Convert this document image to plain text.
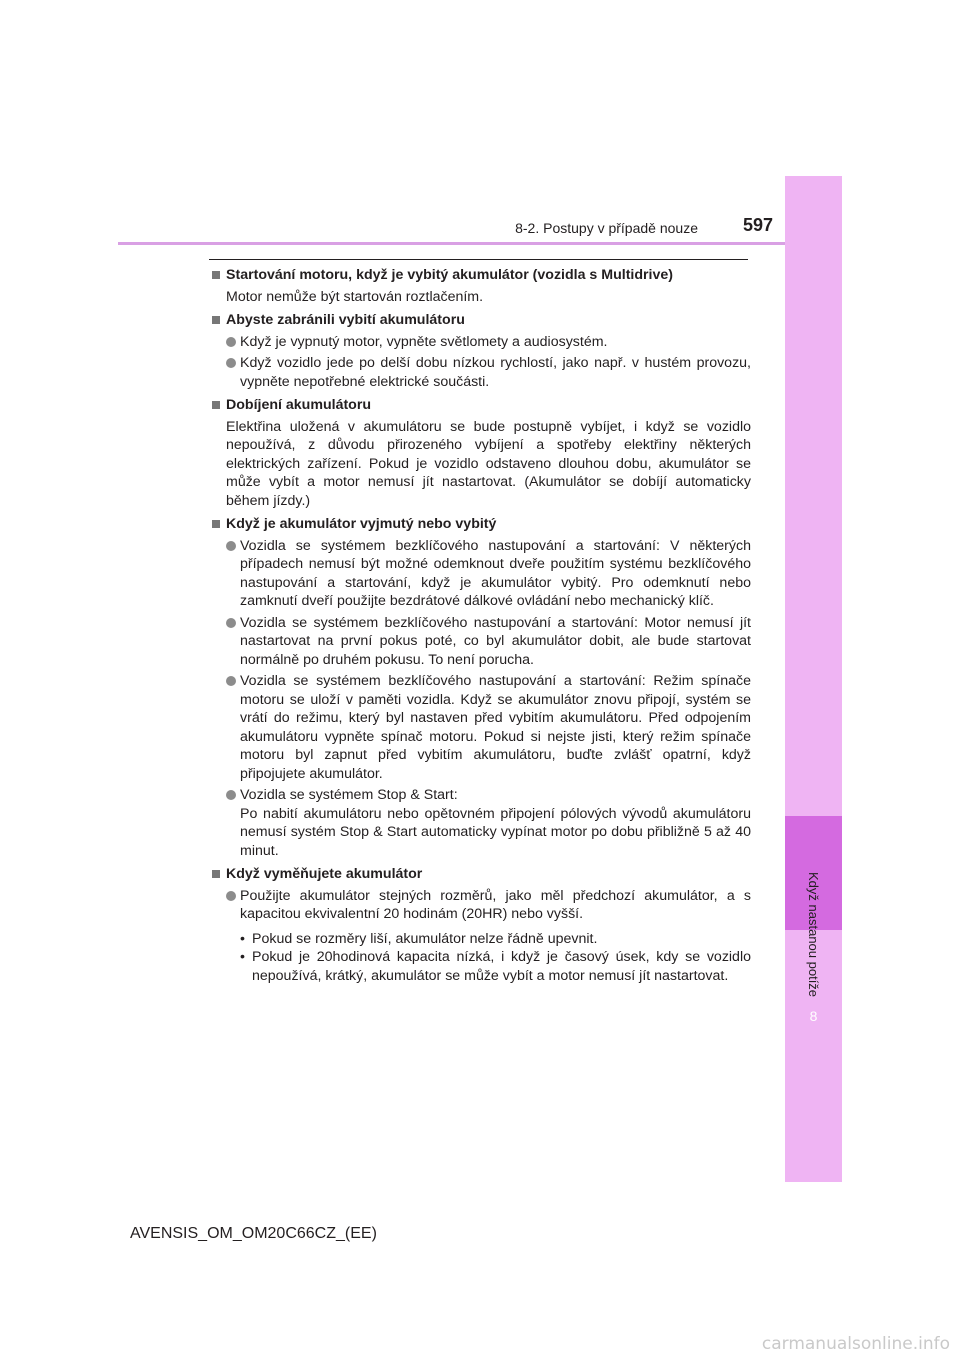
8
Když nastanou potíže
8-2. Postupy v případě nouze 597
Startování motoru, když je vybitý akumulátor (vozidla s Multidrive)
Motor nemůže být startován roztlačením.
Abyste zabránili vybití akumulátoru
Když je vypnutý motor, vypněte světlomety a audiosystém.
Když vozidlo jede po delší dobu nízkou rychlostí, jako např. v hustém provozu, vypněte nepotřebné elektrické součásti.
Dobíjení akumulátoru
Elektřina uložená v akumulátoru se bude postupně vybíjet, i když se vozidlo nepoužívá, z důvodu přirozeného vybíjení a spotřeby elektřiny některých elektrických zařízení. Pokud je vozidlo odstaveno dlouhou dobu, akumulátor se může vybít a motor nemusí jít nastartovat. (Akumulátor se dobíjí automaticky během jízdy.)
Když je akumulátor vyjmutý nebo vybitý
Vozidla se systémem bezklíčového nastupování a startování: V některých případech nemusí být možné odemknout dveře použitím systému bezklíčového nastupování a startování, když je akumulátor vybitý. Pro odemknutí nebo zamknutí dveří použijte bezdrátové dálkové ovládání nebo mechanický klíč.
Vozidla se systémem bezklíčového nastupování a startování: Motor nemusí jít nastartovat na první pokus poté, co byl akumulátor dobit, ale bude startovat normálně po druhém pokusu. To není porucha.
Vozidla se systémem bezklíčového nastupování a startování: Režim spínače motoru se uloží v paměti vozidla. Když se akumulátor znovu připojí, systém se vrátí do režimu, který byl nastaven před vybitím akumulátoru. Před odpojením akumulátoru vypněte spínač motoru. Pokud si nejste jisti, který režim spínače motoru byl zapnut před vybitím akumulátoru, buďte zvlášť opatrní, když připojujete akumulátor.
Vozidla se systémem Stop & Start:
Po nabití akumulátoru nebo opětovném připojení pólových vývodů akumulátoru nemusí systém Stop & Start automaticky vypínat motor po dobu přibližně 5 až 40 minut.
Když vyměňujete akumulátor
Použijte akumulátor stejných rozměrů, jako měl předchozí akumulátor, a s kapacitou ekvivalentní 20 hodinám (20HR) nebo vyšší.
• Pokud se rozměry liší, akumulátor nelze řádně upevnit.
• Pokud je 20hodinová kapacita nízká, i když je časový úsek, kdy se vozidlo nepoužívá, krátký, akumulátor se může vybít a motor nemusí jít nastartovat.
AVENSIS_OM_OM20C66CZ_(EE)
carmanualsonline.info
